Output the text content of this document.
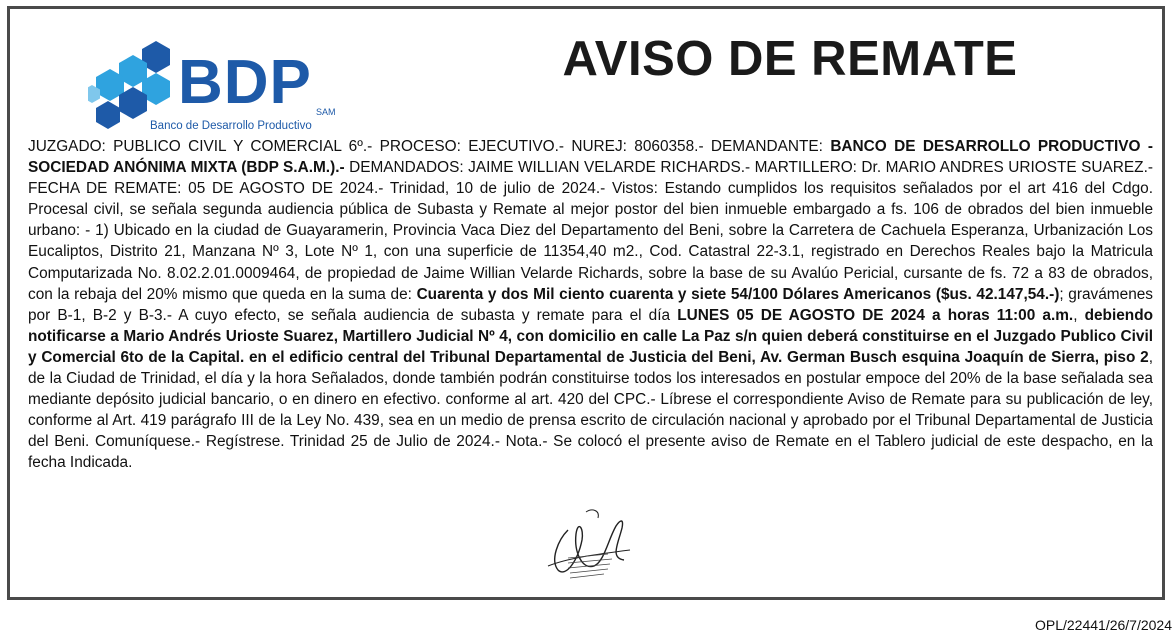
BDP SAM
Banco de Desarrollo Productivo
AVISO DE REMATE
JUZGADO: PUBLICO CIVIL Y COMERCIAL 6º.- PROCESO: EJECUTIVO.- NUREJ: 8060358.- DEMANDANTE: BANCO DE DESARROLLO PRODUCTIVO - SOCIEDAD ANÓNIMA MIXTA (BDP S.A.M.).- DEMANDADOS: JAIME WILLIAN VELARDE RICHARDS.- MARTILLERO: Dr. MARIO ANDRES URIOSTE SUAREZ.- FECHA DE REMATE: 05 DE AGOSTO DE 2024.- Trinidad, 10 de julio de 2024.- Vistos: Estando cumplidos los requisitos señalados por el art 416 del Cdgo. Procesal civil, se señala segunda audiencia pública de Subasta y Remate al mejor postor del bien inmueble embargado a fs. 106 de obrados del bien inmueble urbano: - 1) Ubicado en la ciudad de Guayaramerin, Provincia Vaca Diez del Departamento del Beni, sobre la Carretera de Cachuela Esperanza, Urbanización Los Eucaliptos, Distrito 21, Manzana Nº 3, Lote Nº 1, con una superficie de 11354,40 m2., Cod. Catastral 22-3.1, registrado en Derechos Reales bajo la Matricula Computarizada No. 8.02.2.01.0009464, de propiedad de Jaime Willian Velarde Richards, sobre la base de su Avalúo Pericial, cursante de fs. 72 a 83 de obrados, con la rebaja del 20% mismo que queda en la suma de: Cuarenta y dos Mil ciento cuarenta y siete 54/100 Dólares Americanos ($us. 42.147,54.-); gravámenes por B-1, B-2 y B-3.- A cuyo efecto, se señala audiencia de subasta y remate para el día LUNES 05 DE AGOSTO DE 2024 a horas 11:00 a.m., debiendo notificarse a Mario Andrés Urioste Suarez, Martillero Judicial Nº 4, con domicilio en calle La Paz s/n quien deberá constituirse en el Juzgado Publico Civil y Comercial 6to de la Capital. en el edificio central del Tribunal Departamental de Justicia del Beni, Av. German Busch esquina Joaquín de Sierra, piso 2, de la Ciudad de Trinidad, el día y la hora Señalados, donde también podrán constituirse todos los interesados en postular empoce del 20% de la base señalada sea mediante depósito judicial bancario, o en dinero en efectivo. conforme al art. 420 del CPC.- Líbrese el correspondiente Aviso de Remate para su publicación de ley, conforme al Art. 419 parágrafo III de la Ley No. 439, sea en un medio de prensa escrito de circulación nacional y aprobado por el Tribunal Departamental de Justicia del Beni. Comuníquese.- Regístrese. Trinidad 25 de Julio de 2024.- Nota.- Se colocó el presente aviso de Remate en el Tablero judicial de este despacho, en la fecha Indicada.
OPL/22441/26/7/2024
